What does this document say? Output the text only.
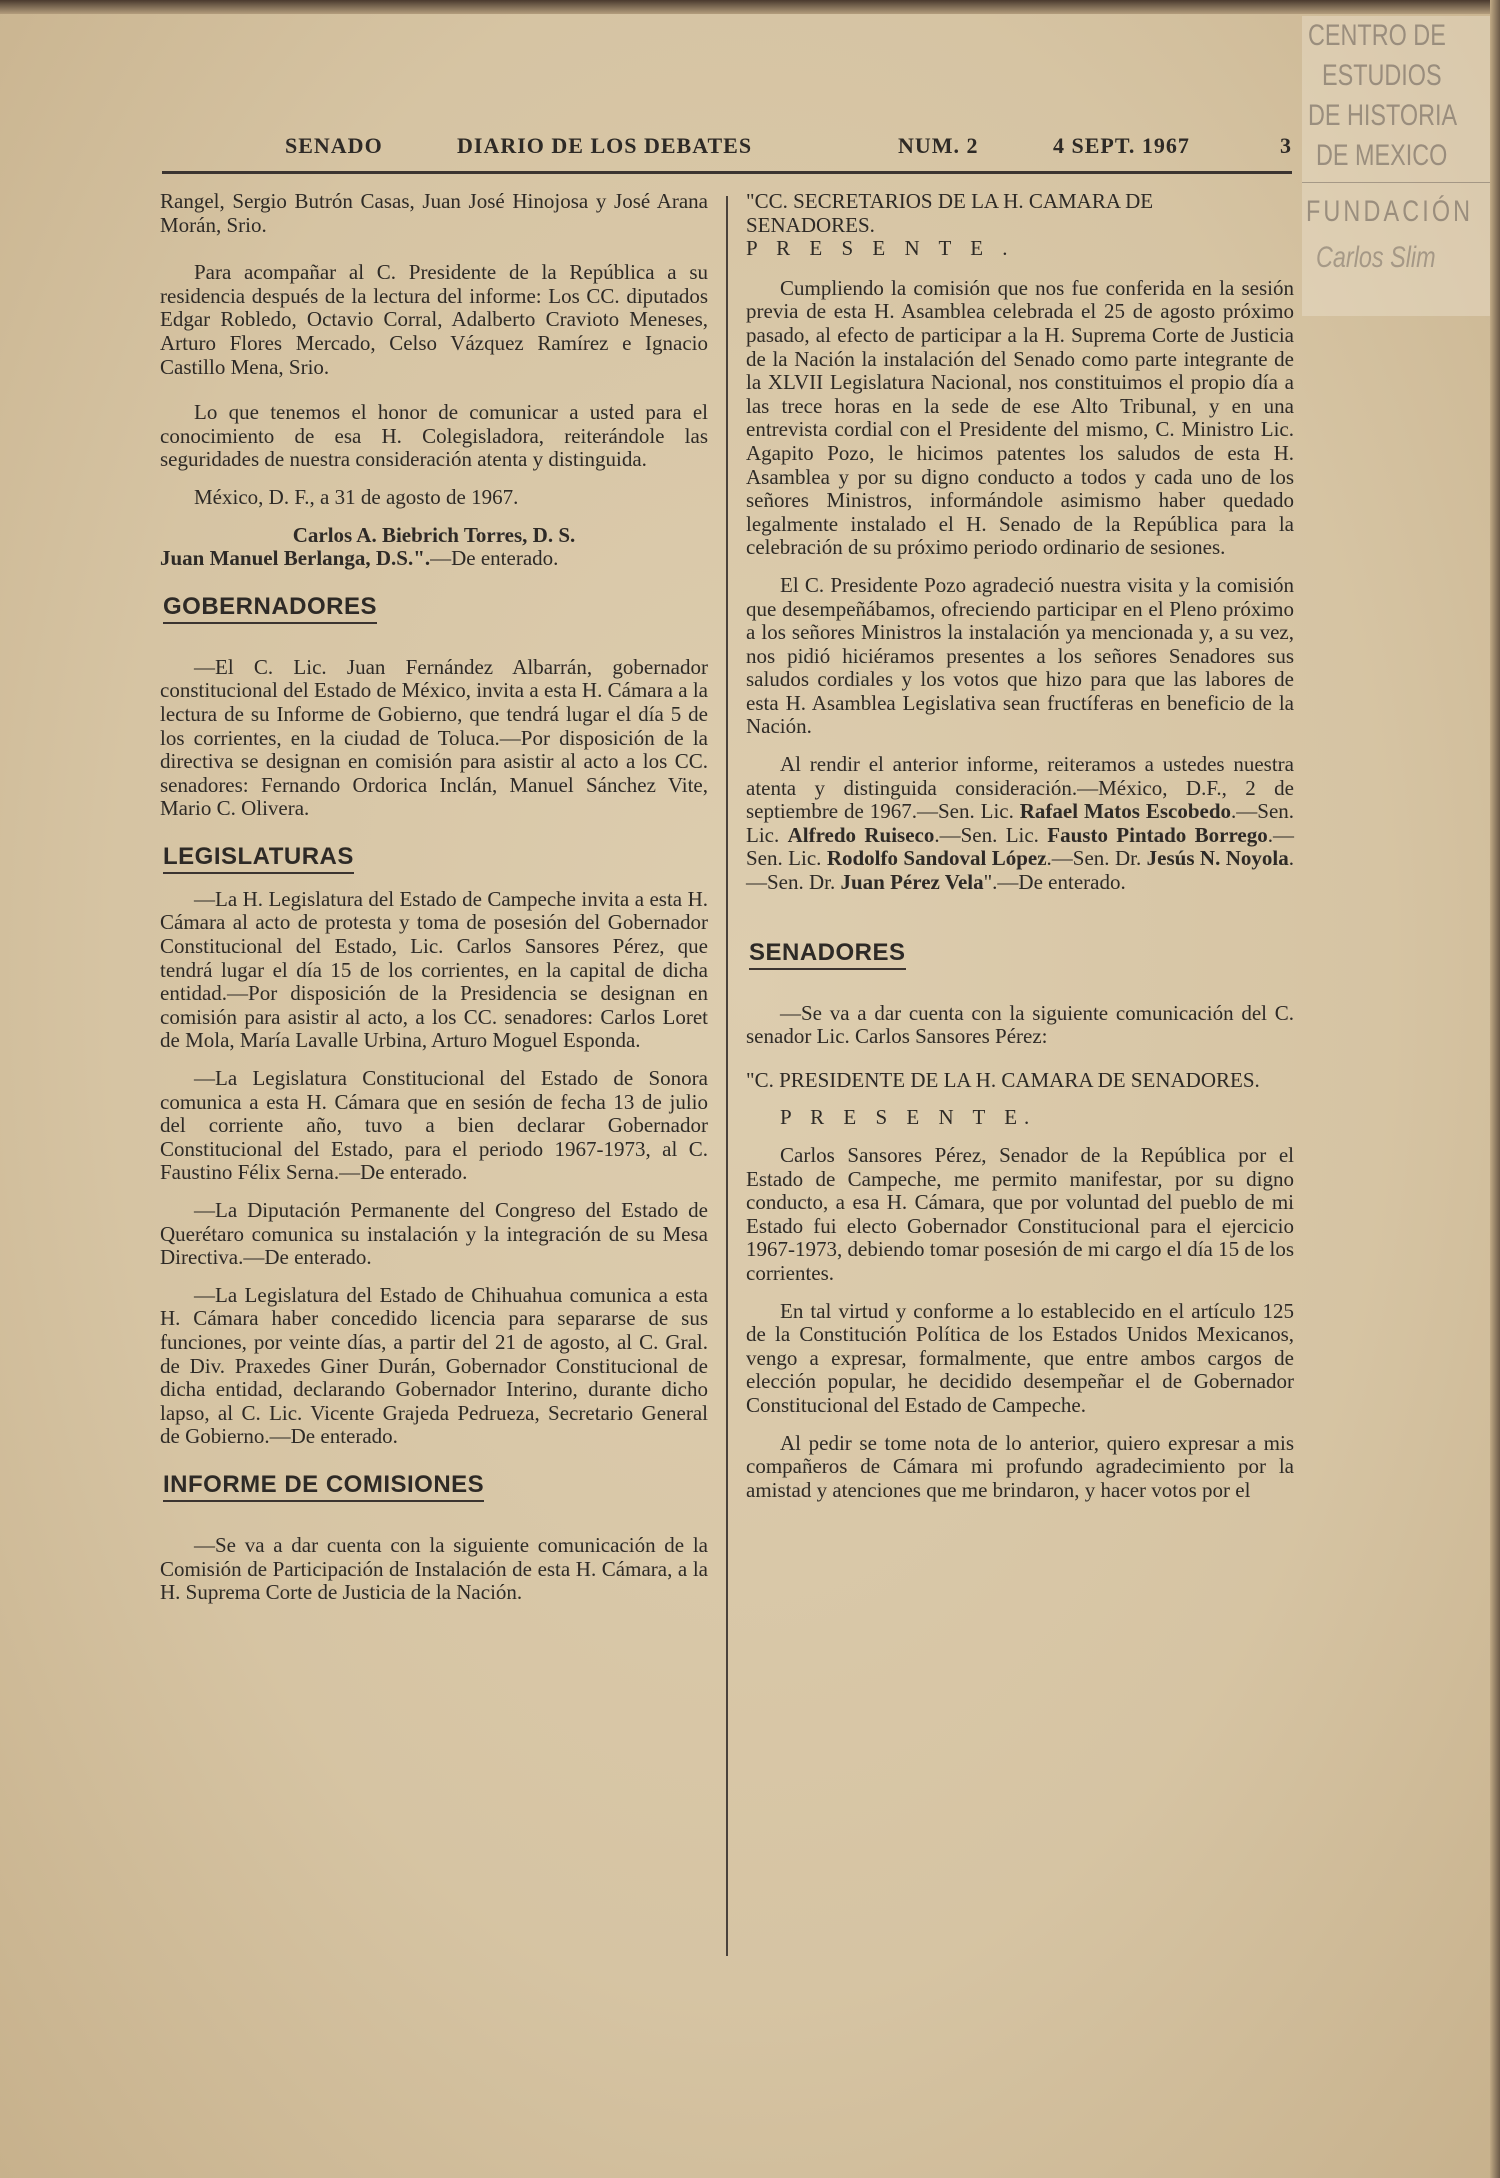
CENTRO DE
ESTUDIOS
DE HISTORIA
DE MEXICO
FUNDACIÓN
Carlos Slim
SENADO	DIARIO DE LOS DEBATES	NUM. 2	4 SEPT. 1967	3
Rangel, Sergio Butrón Casas, Juan José Hinojosa y José Arana Morán, Srio.
Para acompañar al C. Presidente de la República a su residencia después de la lectura del informe: Los CC. diputados Edgar Robledo, Octavio Corral, Adalberto Cravioto Meneses, Arturo Flores Mercado, Celso Vázquez Ramírez e Ignacio Castillo Mena, Srio.
Lo que tenemos el honor de comunicar a usted para el conocimiento de esa H. Colegisladora, reiterándole las seguridades de nuestra consideración atenta y distinguida.
México, D. F., a 31 de agosto de 1967.
Carlos A. Biebrich Torres, D. S.
Juan Manuel Berlanga, D.S.".—De enterado.
GOBERNADORES
—El C. Lic. Juan Fernández Albarrán, gobernador constitucional del Estado de México, invita a esta H. Cámara a la lectura de su Informe de Gobierno, que tendrá lugar el día 5 de los corrientes, en la ciudad de Toluca.—Por disposición de la directiva se designan en comisión para asistir al acto a los CC. senadores: Fernando Ordorica Inclán, Manuel Sánchez Vite, Mario C. Olivera.
LEGISLATURAS
—La H. Legislatura del Estado de Campeche invita a esta H. Cámara al acto de protesta y toma de posesión del Gobernador Constitucional del Estado, Lic. Carlos Sansores Pérez, que tendrá lugar el día 15 de los corrientes, en la capital de dicha entidad.—Por disposición de la Presidencia se designan en comisión para asistir al acto, a los CC. senadores: Carlos Loret de Mola, María Lavalle Urbina, Arturo Moguel Esponda.
—La Legislatura Constitucional del Estado de Sonora comunica a esta H. Cámara que en sesión de fecha 13 de julio del corriente año, tuvo a bien declarar Gobernador Constitucional del Estado, para el periodo 1967-1973, al C. Faustino Félix Serna.—De enterado.
—La Diputación Permanente del Congreso del Estado de Querétaro comunica su instalación y la integración de su Mesa Directiva.—De enterado.
—La Legislatura del Estado de Chihuahua comunica a esta H. Cámara haber concedido licencia para separarse de sus funciones, por veinte días, a partir del 21 de agosto, al C. Gral. de Div. Praxedes Giner Durán, Gobernador Constitucional de dicha entidad, declarando Gobernador Interino, durante dicho lapso, al C. Lic. Vicente Grajeda Pedrueza, Secretario General de Gobierno.—De enterado.
INFORME DE COMISIONES
—Se va a dar cuenta con la siguiente comunicación de la Comisión de Participación de Instalación de esta H. Cámara, a la H. Suprema Corte de Justicia de la Nación.
"CC. SECRETARIOS DE LA H. CAMARA DE SENADORES.
P R E S E N T E .
Cumpliendo la comisión que nos fue conferida en la sesión previa de esta H. Asamblea celebrada el 25 de agosto próximo pasado, al efecto de participar a la H. Suprema Corte de Justicia de la Nación la instalación del Senado como parte integrante de la XLVII Legislatura Nacional, nos constituimos el propio día a las trece horas en la sede de ese Alto Tribunal, y en una entrevista cordial con el Presidente del mismo, C. Ministro Lic. Agapito Pozo, le hicimos patentes los saludos de esta H. Asamblea y por su digno conducto a todos y cada uno de los señores Ministros, informándole asimismo haber quedado legalmente instalado el H. Senado de la República para la celebración de su próximo periodo ordinario de sesiones.
El C. Presidente Pozo agradeció nuestra visita y la comisión que desempeñábamos, ofreciendo participar en el Pleno próximo a los señores Ministros la instalación ya mencionada y, a su vez, nos pidió hiciéramos presentes a los señores Senadores sus saludos cordiales y los votos que hizo para que las labores de esta H. Asamblea Legislativa sean fructíferas en beneficio de la Nación.
Al rendir el anterior informe, reiteramos a ustedes nuestra atenta y distinguida consideración.—México, D.F., 2 de septiembre de 1967.—Sen. Lic. Rafael Matos Escobedo.—Sen. Lic. Alfredo Ruiseco.—Sen. Lic. Fausto Pintado Borrego.—Sen. Lic. Rodolfo Sandoval López.—Sen. Dr. Jesús N. Noyola.—Sen. Dr. Juan Pérez Vela".—De enterado.
SENADORES
—Se va a dar cuenta con la siguiente comunicación del C. senador Lic. Carlos Sansores Pérez:
"C. PRESIDENTE DE LA H. CAMARA DE SENADORES.
P R E S E N T E.
Carlos Sansores Pérez, Senador de la República por el Estado de Campeche, me permito manifestar, por su digno conducto, a esa H. Cámara, que por voluntad del pueblo de mi Estado fui electo Gobernador Constitucional para el ejercicio 1967-1973, debiendo tomar posesión de mi cargo el día 15 de los corrientes.
En tal virtud y conforme a lo establecido en el artículo 125 de la Constitución Política de los Estados Unidos Mexicanos, vengo a expresar, formalmente, que entre ambos cargos de elección popular, he decidido desempeñar el de Gobernador Constitucional del Estado de Campeche.
Al pedir se tome nota de lo anterior, quiero expresar a mis compañeros de Cámara mi profundo agradecimiento por la amistad y atenciones que me brindaron, y hacer votos por el
